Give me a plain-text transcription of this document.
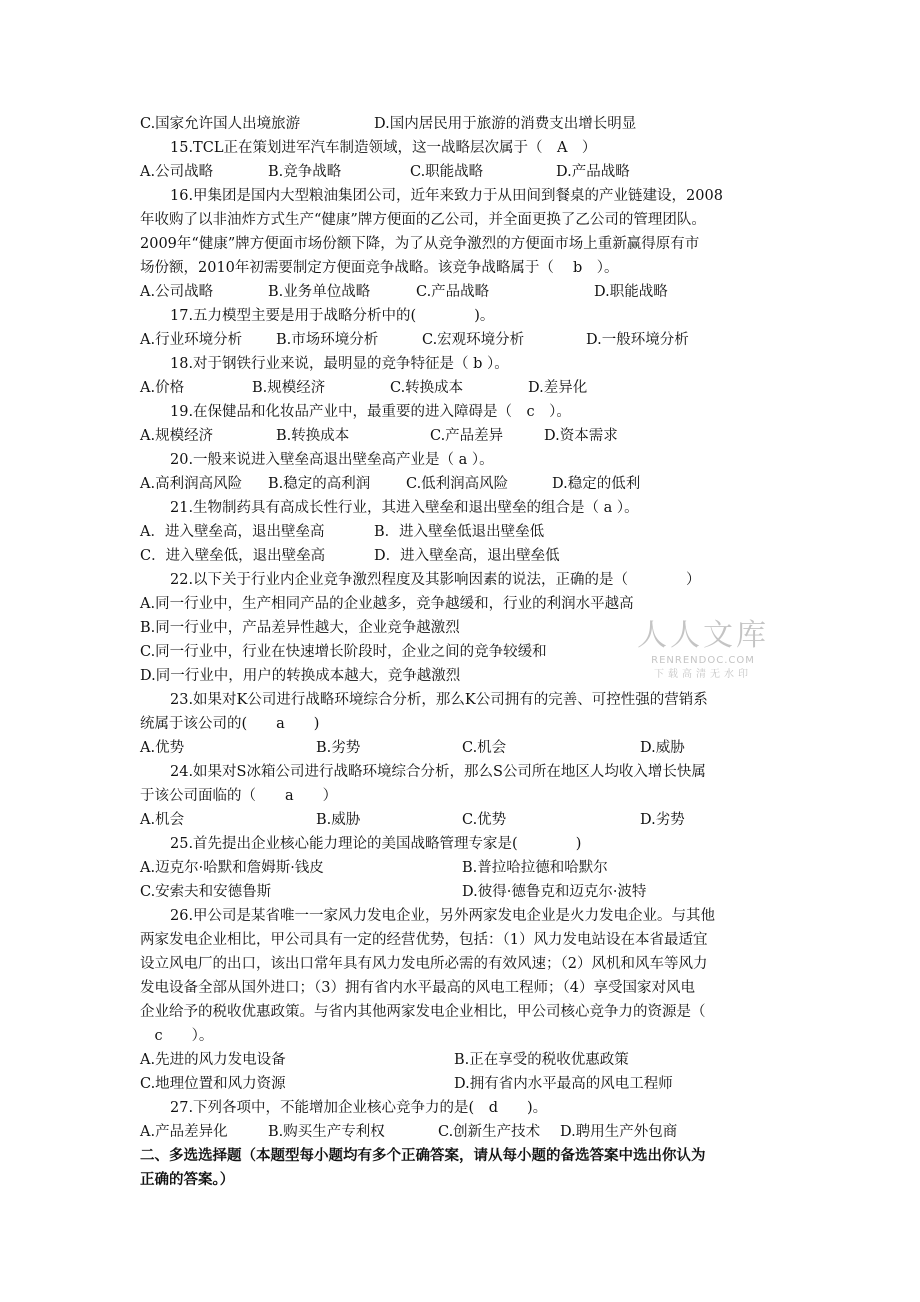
C.国家允许国人出境旅游	D.国内居民用于旅游的消费支出增长明显
15.TCL正在策划进军汽车制造领域，这一战略层次属于（　A　）
A.公司战略	B.竞争战略	C.职能战略	D.产品战略
16.甲集团是国内大型粮油集团公司，近年来致力于从田间到餐桌的产业链建设，2008
年收购了以非油炸方式生产“健康”牌方便面的乙公司，并全面更换了乙公司的管理团队。
2009年“健康”牌方便面市场份额下降，为了从竞争激烈的方便面市场上重新赢得原有市
场份额，2010年初需要制定方便面竞争战略。该竞争战略属于（　 b　）。
A.公司战略	B.业务单位战略	C.产品战略	D.职能战略
17.五力模型主要是用于战略分析中的(　　　　)。
A.行业环境分析 B.市场环境分析	C.宏观环境分析	D.一般环境分析
18.对于钢铁行业来说，最明显的竞争特征是（ b ）。
A.价格	B.规模经济	C.转换成本	D.差异化
19.在保健品和化妆品产业中，最重要的进入障碍是（　c　）。
A.规模经济	B.转换成本	C.产品差异	D.资本需求
20.一般来说进入壁垒高退出壁垒高产业是（ a ）。
A.高利润高风险 B.稳定的高利润 C.低利润高风险	D.稳定的低利
21.生物制药具有高成长性行业，其进入壁垒和退出壁垒的组合是（ a ）。
A．进入壁垒高，退出壁垒高	B．进入壁垒低退出壁垒低
C．进入壁垒低，退出壁垒高	D．进入壁垒高，退出壁垒低
22.以下关于行业内企业竞争激烈程度及其影响因素的说法，正确的是（　　　　）
A.同一行业中，生产相同产品的企业越多，竞争越缓和，行业的利润水平越高
B.同一行业中，产品差异性越大，企业竞争越激烈
C.同一行业中，行业在快速增长阶段时，企业之间的竞争较缓和
D.同一行业中，用户的转换成本越大，竞争越激烈
23.如果对K公司进行战略环境综合分析，那么K公司拥有的完善、可控性强的营销系
统属于该公司的(　　a　　)
A.优势	B.劣势	C.机会	D.威胁
24.如果对S冰箱公司进行战略环境综合分析，那么S公司所在地区人均收入增长快属
于该公司面临的（　　a　　）
A.机会	B.威胁	C.优势	D.劣势
25.首先提出企业核心能力理论的美国战略管理专家是(　　　　)
A.迈克尔·哈默和詹姆斯·钱皮	B.普拉哈拉德和哈默尔
C.安索夫和安德鲁斯	D.彼得·德鲁克和迈克尔·波特
26.甲公司是某省唯一一家风力发电企业，另外两家发电企业是火力发电企业。与其他
两家发电企业相比，甲公司具有一定的经营优势，包括：（1）风力发电站设在本省最适宜
设立风电厂的出口，该出口常年具有风力发电所必需的有效风速；（2）风机和风车等风力
发电设备全部从国外进口；（3）拥有省内水平最高的风电工程师；（4）享受国家对风电
企业给予的税收优惠政策。与省内其他两家发电企业相比，甲公司核心竞争力的资源是（
　c　　）。
A.先进的风力发电设备	B.正在享受的税收优惠政策
C.地理位置和风力资源	D.拥有省内水平最高的风电工程师
27.下列各项中，不能增加企业核心竞争力的是(　d　　)。
A.产品差异化	B.购买生产专利权	C.创新生产技术 D.聘用生产外包商
二、多选选择题（本题型每小题均有多个正确答案，请从每小题的备选答案中选出你认为
正确的答案。）
人人文库
RENRENDOC.COM
下载高清无水印
